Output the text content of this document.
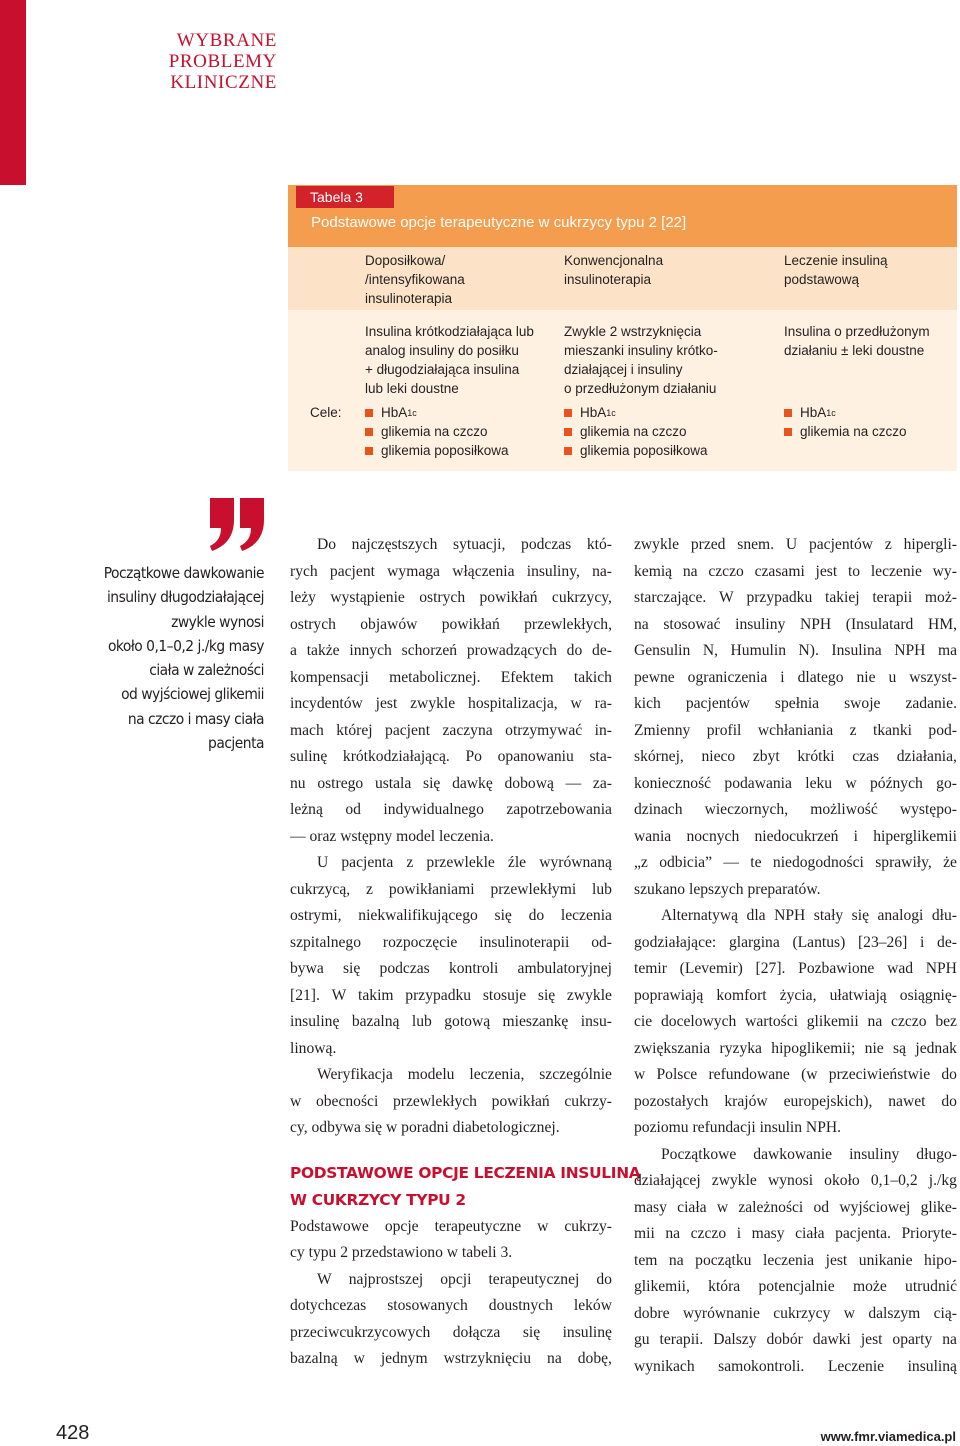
WYBRANE
PROBLEMY
KLINICZNE
Tabela 3
Podstawowe opcje terapeutyczne w cukrzycy typu 2 [22]
Doposiłkowa/
/intensyfikowana
insulinoterapia
Konwencjonalna
insulinoterapia
Leczenie insuliną
podstawową
Insulina krótkodziałająca lub
analog insuliny do posiłku
+ długodziałająca insulina
lub leki doustne
Zwykle 2 wstrzyknięcia
mieszanki insuliny krótko-
działającej i insuliny
o przedłużonym działaniu
Insulina o przedłużonym
działaniu ± leki doustne
Cele:	HbA 1c
glikemia na czczo
glikemia poposiłkowa
HbA 1c
glikemia na czczo
glikemia poposiłkowa
HbA 1c
glikemia na czczo
Początkowe dawkowanie
insuliny długodziałającej
zwykle wynosi
około 0,1–0,2 j./kg masy
ciała w zależności
od wyjściowej glikemii
na czczo i masy ciała
pacjenta
Do najczęstszych sytuacji, podczas któ-
rych pacjent wymaga włączenia insuliny, na-
leży wystąpienie ostrych powikłań cukrzycy,
ostrych objawów powikłań przewlekłych,
a także innych schorzeń prowadzących do de-
kompensacji metabolicznej. Efektem takich
incydentów jest zwykle hospitalizacja, w ra-
mach której pacjent zaczyna otrzymywać in-
sulinę krótkodziałającą. Po opanowaniu sta-
nu ostrego ustala się dawkę dobową — za-
leżną od indywidualnego zapotrzebowania
— oraz wstępny model leczenia.
U pacjenta z przewlekle źle wyrównaną
cukrzycą, z powikłaniami przewlekłymi lub
ostrymi, niekwalifikującego się do leczenia
szpitalnego rozpoczęcie insulinoterapii od-
bywa się podczas kontroli ambulatoryjnej
[21]. W takim przypadku stosuje się zwykle
insulinę bazalną lub gotową mieszankę insu-
linową.
Weryfikacja modelu leczenia, szczególnie
w obecności przewlekłych powikłań cukrzy-
cy, odbywa się w poradni diabetologicznej.
PODSTAWOWE OPCJE LECZENIA INSULINĄ
W CUKRZYCY TYPU 2
Podstawowe opcje terapeutyczne w cukrzy-
cy typu 2 przedstawiono w tabeli 3.
W najprostszej opcji terapeutycznej do
dotychcezas stosowanych doustnych leków
przeciwcukrzycowych dołącza się insulinę
bazalną w jednym wstrzyknięciu na dobę,
zwykle przed snem. U pacjentów z hipergli-
kemią na czczo czasami jest to leczenie wy-
starczające. W przypadku takiej terapii moż-
na stosować insuliny NPH (Insulatard HM,
Gensulin N, Humulin N). Insulina NPH ma
pewne ograniczenia i dlatego nie u wszyst-
kich pacjentów spełnia swoje zadanie.
Zmienny profil wchłaniania z tkanki pod-
skórnej, nieco zbyt krótki czas działania,
konieczność podawania leku w późnych go-
dzinach wieczornych, możliwość występo-
wania nocnych niedocukrzeń i hiperglikemii
„z odbicia” — te niedogodności sprawiły, że
szukano lepszych preparatów.
Alternatywą dla NPH stały się analogi dłu-
godziałające: glargina (Lantus) [23–26] i de-
temir (Levemir) [27]. Pozbawione wad NPH
poprawiają komfort życia, ułatwiają osiągnię-
cie docelowych wartości glikemii na czczo bez
zwiększania ryzyka hipoglikemii; nie są jednak
w Polsce refundowane (w przeciwieństwie do
pozostałych krajów europejskich), nawet do
poziomu refundacji insulin NPH.
Początkowe dawkowanie insuliny długo-
działającej zwykle wynosi około 0,1–0,2 j./kg
masy ciała w zależności od wyjściowej glike-
mii na czczo i masy ciała pacjenta. Prioryte-
tem na początku leczenia jest unikanie hipo-
glikemii, która potencjalnie może utrudnić
dobre wyrównanie cukrzycy w dalszym cią-
gu terapii. Dalszy dobór dawki jest oparty na
wynikach samokontroli. Leczenie insuliną
428	www.fmr.viamedica.pl
